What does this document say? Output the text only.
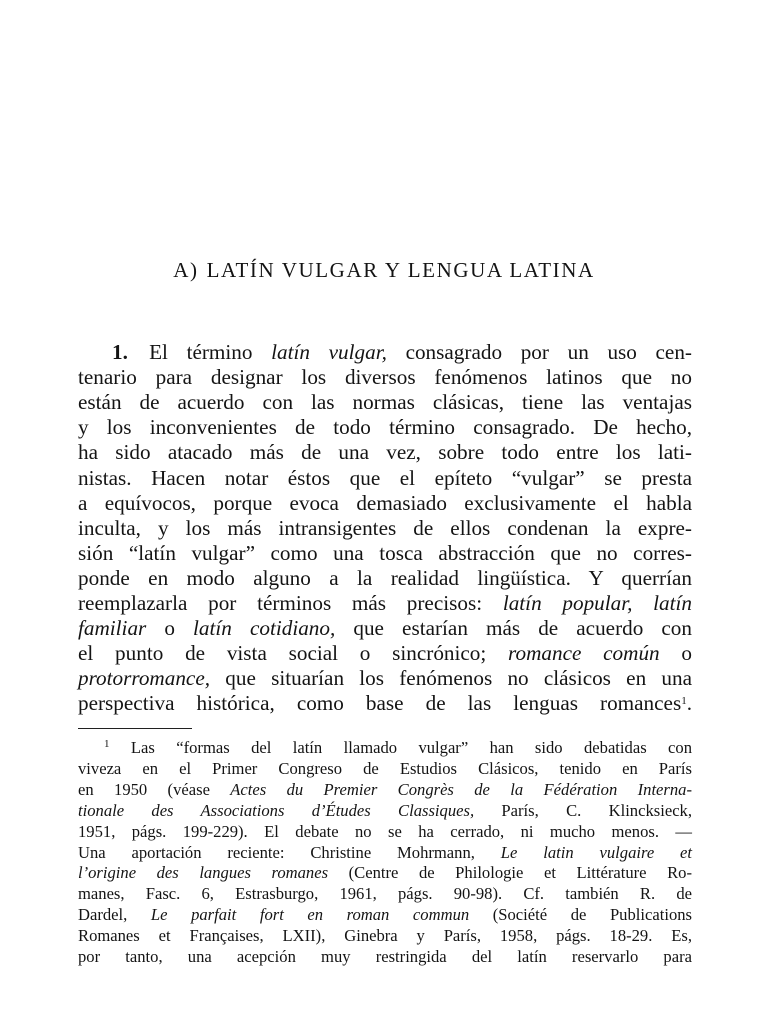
A) LATÍN VULGAR Y LENGUA LATINA
1. El término latín vulgar, consagrado por un uso cen-
tenario para designar los diversos fenómenos latinos que no
están de acuerdo con las normas clásicas, tiene las ventajas
y los inconvenientes de todo término consagrado. De hecho,
ha sido atacado más de una vez, sobre todo entre los lati-
nistas. Hacen notar éstos que el epíteto “vulgar” se presta
a equívocos, porque evoca demasiado exclusivamente el habla
inculta, y los más intransigentes de ellos condenan la expre-
sión “latín vulgar” como una tosca abstracción que no corres-
ponde en modo alguno a la realidad lingüística. Y querrían
reemplazarla por términos más precisos: latín popular, latín
familiar o latín cotidiano, que estarían más de acuerdo con
el punto de vista social o sincrónico; romance común o
protorromance, que situarían los fenómenos no clásicos en una
perspectiva histórica, como base de las lenguas romances$^1$.
$^1$ Las “formas del latín llamado vulgar” han sido debatidas con
viveza en el Primer Congreso de Estudios Clásicos, tenido en París
en 1950 (véase Actes du Premier Congrès de la Fédération Interna-
tionale des Associations d’Études Classiques, París, C. Klincksieck,
1951, págs. 199-229). El debate no se ha cerrado, ni mucho menos. —
Una aportación reciente: Christine Mohrmann, Le latin vulgaire et
l’origine des langues romanes (Centre de Philologie et Littérature Ro-
manes, Fasc. 6, Estrasburgo, 1961, págs. 90-98). Cf. también R. de
Dardel, Le parfait fort en roman commun (Société de Publications
Romanes et Françaises, LXII), Ginebra y París, 1958, págs. 18-29. Es,
por tanto, una acepción muy restringida del latín reservarlo para
